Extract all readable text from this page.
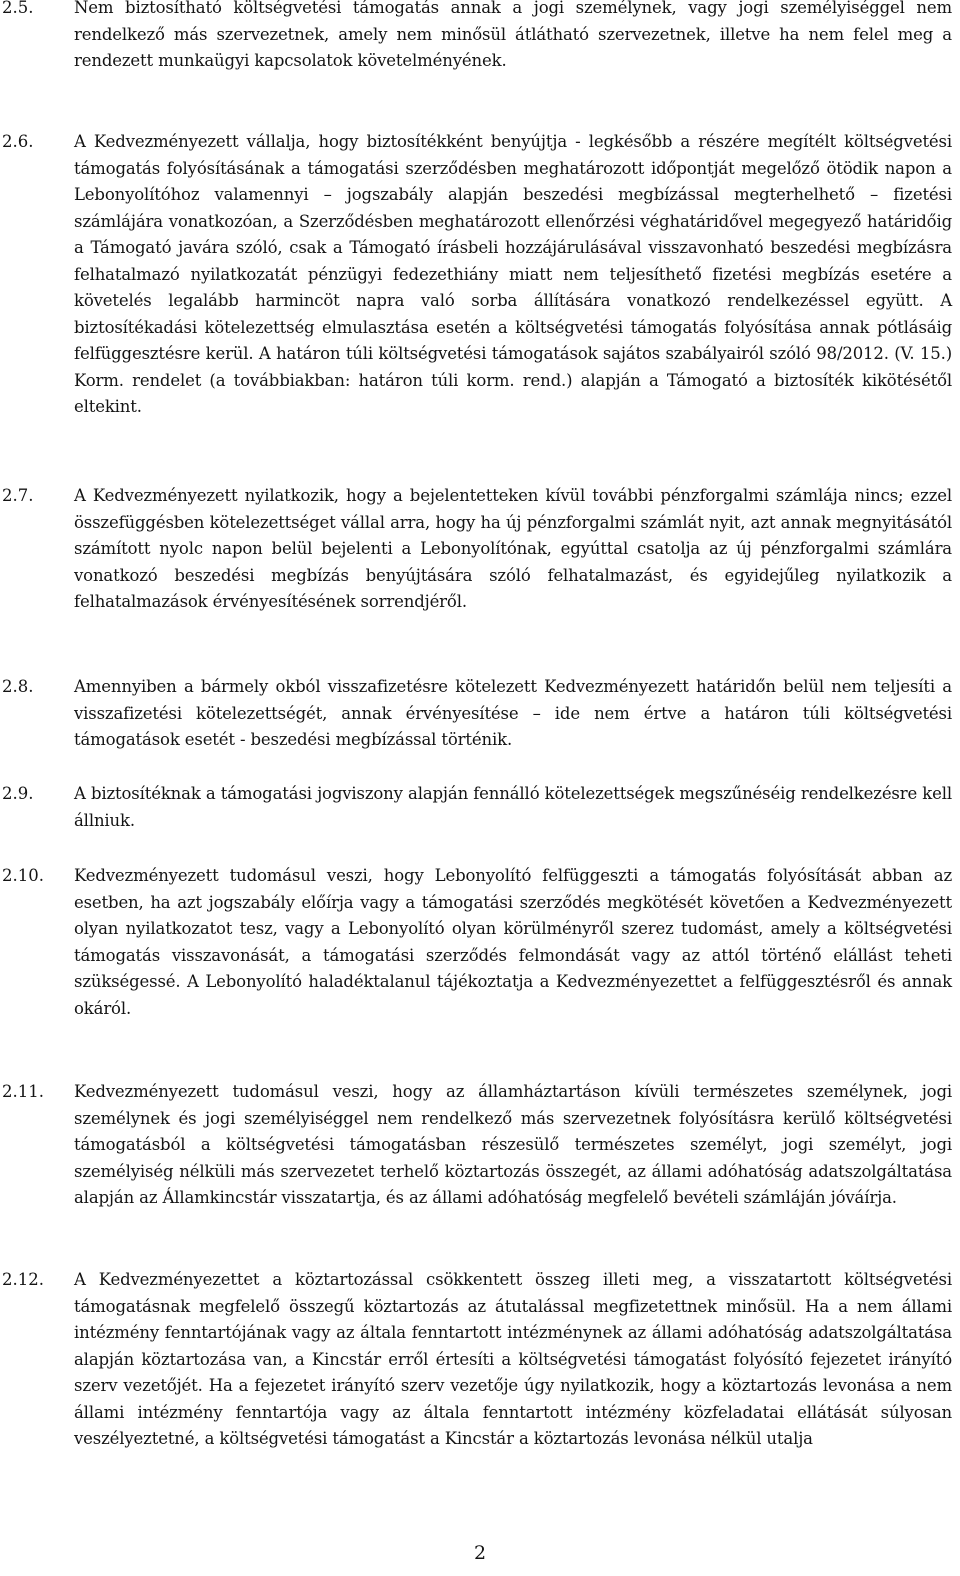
2.5. Nem biztosítható költségvetési támogatás annak a jogi személynek, vagy jogi személyiséggel nem rendelkező más szervezetnek, amely nem minősül átlátható szervezetnek, illetve ha nem felel meg a rendezett munkaügyi kapcsolatok követelményének.
2.6. A Kedvezményezett vállalja, hogy biztosítékként benyújtja - legkésőbb a részére megítélt költségvetési támogatás folyósításának a támogatási szerződésben meghatározott időpontját megelőző ötödik napon a Lebonyolítóhoz valamennyi – jogszabály alapján beszedési megbízással megterhelhető – fizetési számlájára vonatkozóan, a Szerződésben meghatározott ellenőrzési véghatáridővel megegyező határidőig a Támogató javára szóló, csak a Támogató írásbeli hozzájárulásával visszavonható beszedési megbízásra felhatalmazó nyilatkozatát pénzügyi fedezethiány miatt nem teljesíthető fizetési megbízás esetére a követelés legalább harmincöt napra való sorba állítására vonatkozó rendelkezéssel együtt. A biztosítékadási kötelezettség elmulasztása esetén a költségvetési támogatás folyósítása annak pótlásáig felfüggesztésre kerül. A határon túli költségvetési támogatások sajátos szabályairól szóló 98/2012. (V. 15.) Korm. rendelet (a továbbiakban: határon túli korm. rend.) alapján a Támogató a biztosíték kikötésétől eltekint.
2.7. A Kedvezményezett nyilatkozik, hogy a bejelentetteken kívül további pénzforgalmi számlája nincs; ezzel összefüggésben kötelezettséget vállal arra, hogy ha új pénzforgalmi számlát nyit, azt annak megnyitásától számított nyolc napon belül bejelenti a Lebonyolítónak, egyúttal csatolja az új pénzforgalmi számlára vonatkozó beszedési megbízás benyújtására szóló felhatalmazást, és egyidejűleg nyilatkozik a felhatalmazások érvényesítésének sorrendjéről.
2.8. Amennyiben a bármely okból visszafizetésre kötelezett Kedvezményezett határidőn belül nem teljesíti a visszafizetési kötelezettségét, annak érvényesítése – ide nem értve a határon túli költségvetési támogatások esetét - beszedési megbízással történik.
2.9. A biztosítéknak a támogatási jogviszony alapján fennálló kötelezettségek megszűnéséig rendelkezésre kell állniuk.
2.10. Kedvezményezett tudomásul veszi, hogy Lebonyolító felfüggeszti a támogatás folyósítását abban az esetben, ha azt jogszabály előírja vagy a támogatási szerződés megkötését követően a Kedvezményezett olyan nyilatkozatot tesz, vagy a Lebonyolító olyan körülményről szerez tudomást, amely a költségvetési támogatás visszavonását, a támogatási szerződés felmondását vagy az attól történő elállást teheti szükségessé. A Lebonyolító haladéktalanul tájékoztatja a Kedvezményezettet a felfüggesztésről és annak okáról.
2.11. Kedvezményezett tudomásul veszi, hogy az államháztartáson kívüli természetes személynek, jogi személynek és jogi személyiséggel nem rendelkező más szervezetnek folyósításra kerülő költségvetési támogatásból a költségvetési támogatásban részesülő természetes személyt, jogi személyt, jogi személyiség nélküli más szervezetet terhelő köztartozás összegét, az állami adóhatóság adatszolgáltatása alapján az Államkincstár visszatartja, és az állami adóhatóság megfelelő bevételi számláján jóváírja.
2.12. A Kedvezményezettet a köztartozással csökkentett összeg illeti meg, a visszatartott költségvetési támogatásnak megfelelő összegű köztartozás az átutalással megfizetettnek minősül. Ha a nem állami intézmény fenntartójának vagy az általa fenntartott intézménynek az állami adóhatóság adatszolgáltatása alapján köztartozása van, a Kincstár erről értesíti a költségvetési támogatást folyósító fejezetet irányító szerv vezetőjét. Ha a fejezetet irányító szerv vezetője úgy nyilatkozik, hogy a köztartozás levonása a nem állami intézmény fenntartója vagy az általa fenntartott intézmény közfeladatai ellátását súlyosan veszélyeztetné, a költségvetési támogatást a Kincstár a köztartozás levonása nélkül utalja
2
